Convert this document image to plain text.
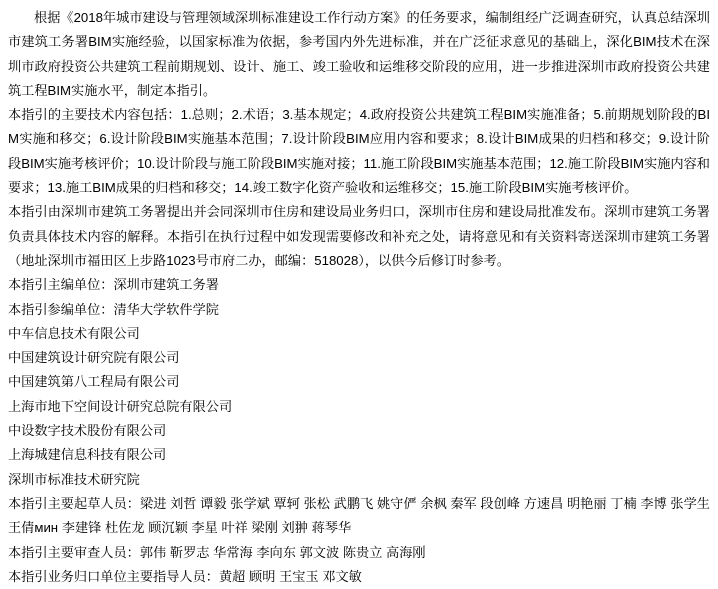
根据《2018年城市建设与管理领域深圳标准建设工作行动方案》的任务要求，编制组经广泛调查研究，认真总结深圳市建筑工务署BIM实施经验，以国家标准为依据，参考国内外先进标准，并在广泛征求意见的基础上，深化BIM技术在深圳市政府投资公共建筑工程前期规划、设计、施工、竣工验收和运维移交阶段的应用，进一步推进深圳市政府投资公共建筑工程BIM实施水平，制定本指引。

本指引的主要技术内容包括：1.总则；2.术语；3.基本规定；4.政府投资公共建筑工程BIM实施准备；5.前期规划阶段的BIM实施和移交；6.设计阶段BIM实施基本范围；7.设计阶段BIM应用内容和要求；8.设计BIM成果的归档和移交；9.设计阶段BIM实施考核评价；10.设计阶段与施工阶段BIM实施对接；11.施工阶段BIM实施基本范围；12.施工阶段BIM实施内容和要求；13.施工BIM成果的归档和移交；14.竣工数字化资产验收和运维移交；15.施工阶段BIM实施考核评价。

本指引由深圳市建筑工务署提出并会同深圳市住房和建设局业务归口，深圳市住房和建设局批准发布。深圳市建筑工务署负责具体技术内容的解释。本指引在执行过程中如发现需要修改和补充之处，请将意见和有关资料寄送深圳市建筑工务署（地址深圳市福田区上步路1023号市府二办，邮编：518028），以供今后修订时参考。

本指引主编单位：深圳市建筑工务署

本指引参编单位：清华大学软件学院

中车信息技术有限公司

中国建筑设计研究院有限公司

中国建筑第八工程局有限公司

上海市地下空间设计研究总院有限公司

中设数字技术股份有限公司

上海城建信息科技有限公司

深圳市标准技术研究院

本指引主要起草人员：梁进 刘哲 谭毅 张学斌 覃轲 张松 武鹏飞 姚守俨 余枫 秦军 段创峰 方速昌 明艳丽 丁楠 李博 张学生 王倩мин 李建锋 杜佐龙 顾沉颖 李星 叶祥 梁刚 刘翀 蒋琴华

本指引主要审查人员：郭伟 靳罗志 华常海 李向东 郭文波 陈贵立 高海刚

本指引业务归口单位主要指导人员：黄超 顾明 王宝玉 邓文敏
